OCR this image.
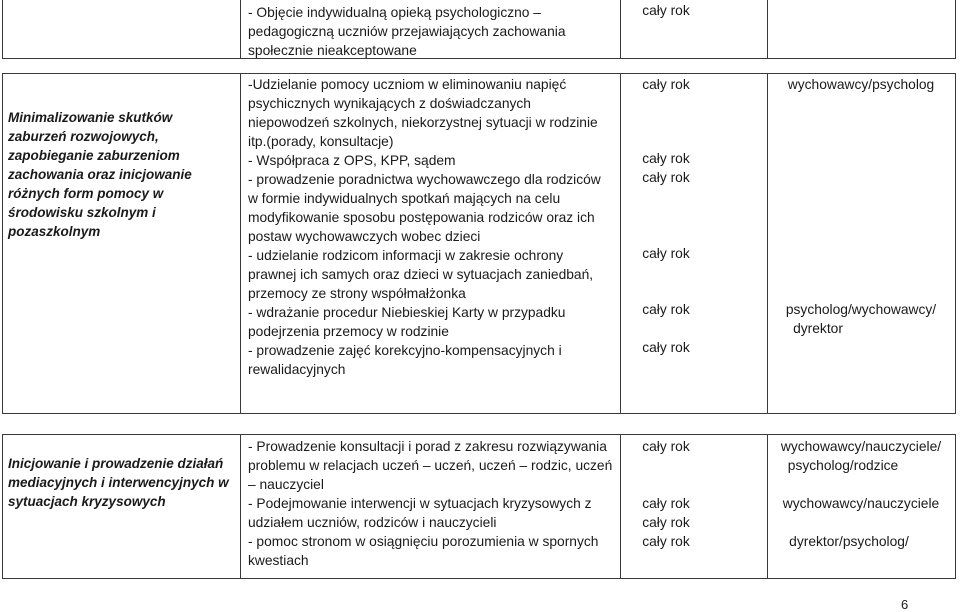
- Objęcie indywidualną opieką psychologiczno –
pedagogiczną uczniów przejawiających zachowania
społecznie nieakceptowane
cały rok
Minimalizowanie skutków
zaburzeń rozwojowych,
zapobieganie zaburzeniom
zachowania oraz inicjowanie
różnych form pomocy w
środowisku szkolnym i
pozaszkolnym
-Udzielanie pomocy uczniom w eliminowaniu napięć
psychicznych wynikających z doświadczanych
niepowodzeń szkolnych, niekorzystnej sytuacji w rodzinie
itp.(porady, konsultacje)
- Współpraca z OPS, KPP, sądem
- prowadzenie poradnictwa wychowawczego dla rodziców
w formie indywidualnych spotkań mających na celu
modyfikowanie sposobu postępowania rodziców oraz ich
postaw wychowawczych wobec dzieci
- udzielanie rodzicom informacji w zakresie ochrony
prawnej ich samych oraz dzieci w sytuacjach zaniedbań,
przemocy ze strony współmałżonka
- wdrażanie procedur Niebieskiej Karty w przypadku
podejrzenia przemocy w rodzinie
- prowadzenie zajęć korekcyjno-kompensacyjnych i
rewalidacyjnych
cały rok
cały rok
cały rok
cały rok
cały rok
cały rok
wychowawcy/psycholog
psycholog/wychowawcy/
dyrektor
Inicjowanie i prowadzenie działań
mediacyjnych i interwencyjnych w
sytuacjach kryzysowych
- Prowadzenie konsultacji i porad z zakresu rozwiązywania
problemu w relacjach uczeń – uczeń, uczeń – rodzic, uczeń
– nauczyciel
- Podejmowanie interwencji w sytuacjach kryzysowych z
udziałem uczniów, rodziców i nauczycieli
- pomoc stronom w osiągnięciu porozumienia w spornych
kwestiach
cały rok
cały rok
cały rok
cały rok
wychowawcy/nauczyciele/
psycholog/rodzice
wychowawcy/nauczyciele
dyrektor/psycholog/
6
